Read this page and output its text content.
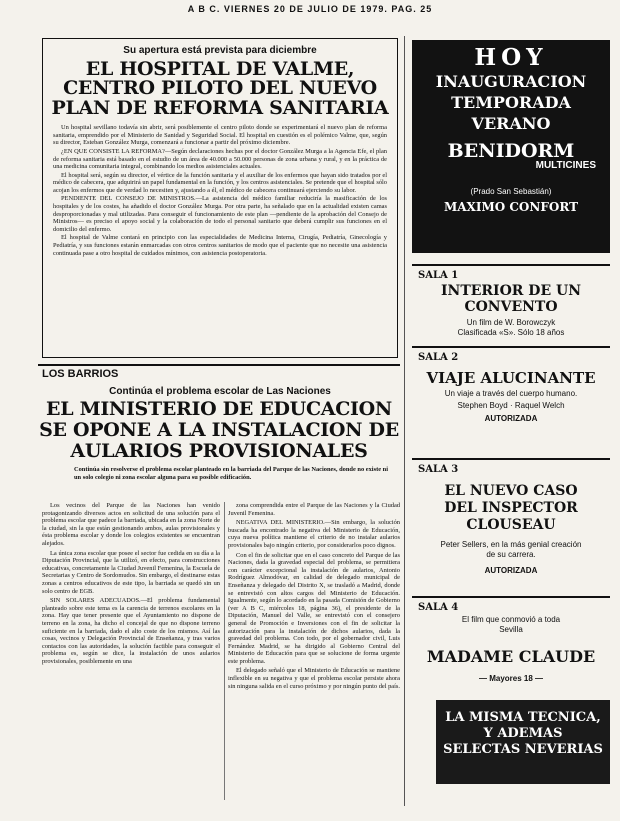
A B C. VIERNES 20 DE JULIO DE 1979. PAG. 25
Su apertura está prevista para diciembre
EL HOSPITAL DE VALME, CENTRO PILOTO DEL NUEVO PLAN DE REFORMA SANITARIA

Un hospital sevillano todavía sin abrir, será posiblemente el centro piloto donde se experimentará el nuevo plan de reforma sanitaria, emprendido por el Ministerio de Sanidad y Seguridad Social. El hospital en cuestión es el polémico Valme, que, según su director, Esteban González Murga, comenzará a funcionar a partir del próximo diciembre.

¿EN QUE CONSISTE LA REFORMA?—Según declaraciones hechas por el doctor González Murga a la Agencia Efe, el plan de reforma sanitaria está basado en el estudio de un área de 40.000 a 50.000 personas de zona urbana y rural, y en la práctica de una medicina comunitaria integral, combinando los medios asistenciales actuales.

El hospital será, según su director, el vértice de la función sanitaria y el auxiliar de los enfermos que hayan sido tratados por el médico de cabecera, que adquirirá un papel fundamental en la función, y los centros asistenciales. Se pretende que el hospital sólo acojan los enfermos que de verdad lo necesiten y, ajustando a él, el médico de cabecera continuará ejerciendo su labor.

PENDIENTE DEL CONSEJO DE MINISTROS.—La asistencia del médico familiar reduciría la masificación de los hospitales y de los costes, ha añadido el doctor González Murga. Por otra parte, ha señalado que en la actualidad existen camas desproporcionadas y mal utilizadas. Para conseguir el funcionamiento de este plan —pendiente de la aprobación del Consejo de Ministros— es preciso el apoyo social y la colaboración de todo el personal sanitario que deberá cumplir sus funciones en el domicilio del enfermo.

El hospital de Valme contará en principio con las especialidades de Medicina Interna, Cirugía, Pediatría, Ginecología y Pediatría, y sus funciones estarán enmarcadas con otros centros sanitarios de modo que el paciente que no necesite una asistencia continuada pase a otro hospital de cuidados mínimos, con asistencia postoperatoria.

LOS BARRIOS
Continúa el problema escolar de Las Naciones
EL MINISTERIO DE EDUCACION SE OPONE A LA INSTALACION DE AULARIOS PROVISIONALES
Continúa sin resolverse el problema escolar planteado en la barriada del Parque de las Naciones, donde no existe ni un solo colegio ni zona escolar alguna para su posible edificación.

Los vecinos del Parque de las Naciones han venido protagonizando diversos actos en solicitud de una solución para el problema escolar que padece la barriada, ubicada en la zona Norte de la ciudad, sin la que están gestionando ambos, aulas provisionales y ésta problema escolar y donde los colegios existentes se encuentran alejados.

La única zona escolar que posee el sector fue cedida en su día a la Diputación Provincial, que la utilizó, en efecto, para construcciones educativas, concretamente la Ciudad Juvenil Femenina, la Escuela de Secretarias y Centro de Sordomudos. Sin embargo, el destinarse estas zonas a centros educativos de este tipo, la barriada se quedó sin un solo centro de EGB.

SIN SOLARES ADECUADOS.—El problema fundamental planteado sobre este tema es la carencia de terrenos escolares en la zona. Hay que tener presente que el Ayuntamiento no dispone de terreno en la zona, ha dicho el concejal de que no dispone terreno suficiente en la barriada, dado el alto coste de los mismos. Así las cosas, vecinos y Delegación Provincial de Enseñanza, y tras varios contactos con las autoridades, la solución factible para conseguir el problema es, según se dice, la instalación de unos aularios provisionales, posiblemente en una

zona comprendida entre el Parque de las Naciones y la Ciudad Juvenil Femenina.

NEGATIVA DEL MINISTERIO.—Sin embargo, la solución buscada ha encontrado la negativa del Ministerio de Educación, cuya nueva política mantiene el criterio de no instalar aularios provisionales bajo ningún criterio, por considerarlos poco dignos.

Con el fin de solicitar que en el caso concreto del Parque de las Naciones, dada la gravedad especial del problema, se permitiera con carácter excepcional la instalación de aularios, Antonio Rodríguez Almodóvar, en calidad de delegado municipal de Enseñanza y delegado del Distrito X, se trasladó a Madrid, donde se entrevistó con altos cargos del Ministerio de Educación. Igualmente, según lo acordado en la pasada Comisión de Gobierno (ver A B C, miércoles 18, página 36), el presidente de la Diputación, Manuel del Valle, se entrevistó con el consejero general de Promoción e Inversiones con el fin de solicitar la autorización para la instalación de dichos aularios, dada la gravedad del problema. Con todo, por el gobernador civil, Luis Fernández Madrid, se ha dirigido al Gobierno Central del Ministerio de Educación para que se solucione de forma urgente este problema.

El delegado señaló que el Ministerio de Educación se mantiene inflexible en su negativa y que el problema escolar persiste ahora sin ninguna salida en el curso próximo y por ningún punto del país.

HOY
INAUGURACION
TEMPORADA
VERANO
BENIDORM
MULTICINES
(Prado San Sebastián)
MAXIMO CONFORT
SALA 1
INTERIOR DE UN CONVENTO
Un film de W. Borowczyk
Clasificada «S». Sólo 18 años
SALA 2
VIAJE ALUCINANTE
Un viaje a través del cuerpo humano.
Stephen Boyd · Raquel Welch
AUTORIZADA
SALA 3
EL NUEVO CASO DEL INSPECTOR CLOUSEAU
Peter Sellers, en la más genial creación de su carrera.
AUTORIZADA
SALA 4
El film que conmovió a toda Sevilla
MADAME CLAUDE
— Mayores 18 —
LA MISMA TECNICA,
Y ADEMAS
SELECTAS NEVERIAS
